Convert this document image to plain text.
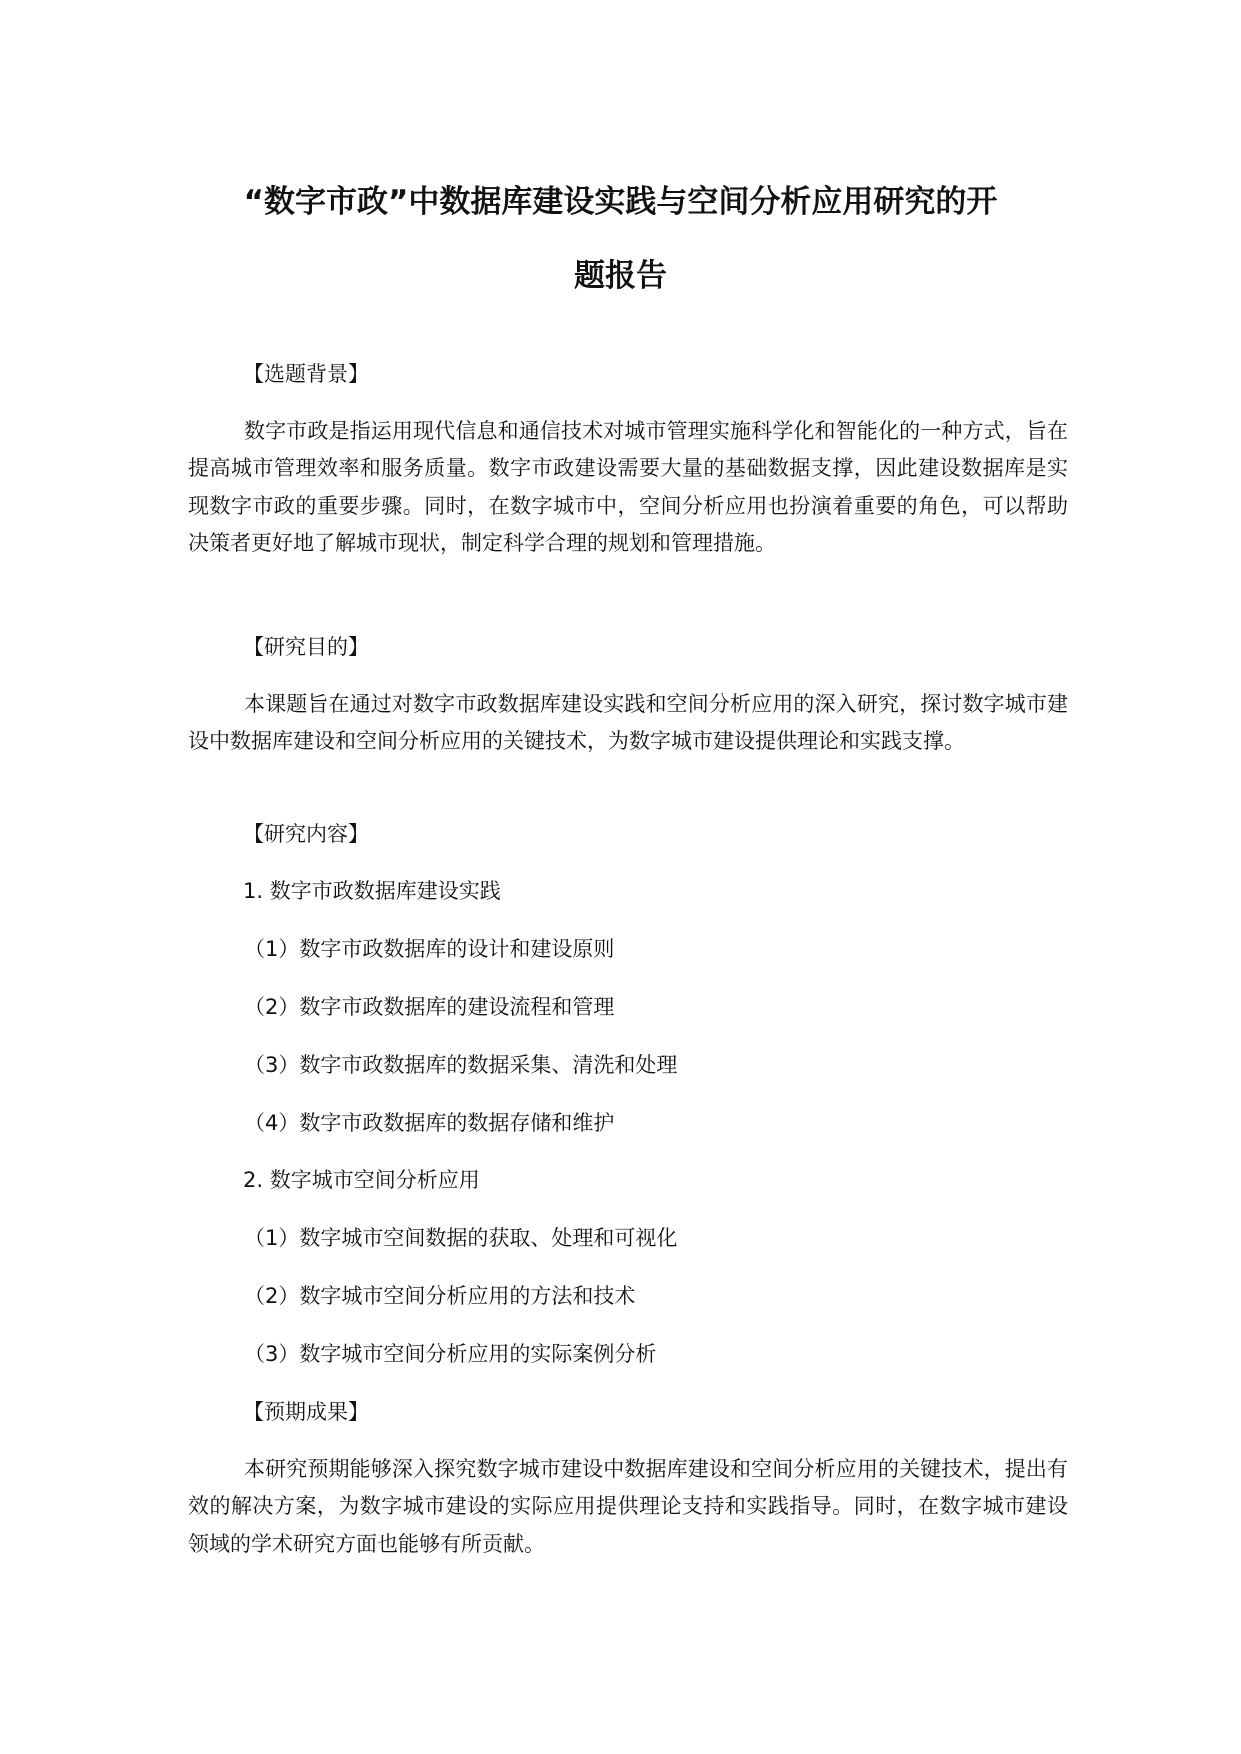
“数字市政”中数据库建设实践与空间分析应用研究的开
题报告
【选题背景】
数字市政是指运用现代信息和通信技术对城市管理实施科学化和智能化的一种方式，旨在提高城市管理效率和服务质量。数字市政建设需要大量的基础数据支撑，因此建设数据库是实现数字市政的重要步骤。同时，在数字城市中，空间分析应用也扮演着重要的角色，可以帮助决策者更好地了解城市现状，制定科学合理的规划和管理措施。
【研究目的】
本课题旨在通过对数字市政数据库建设实践和空间分析应用的深入研究，探讨数字城市建设中数据库建设和空间分析应用的关键技术，为数字城市建设提供理论和实践支撑。
【研究内容】
1. 数字市政数据库建设实践
（1）数字市政数据库的设计和建设原则
（2）数字市政数据库的建设流程和管理
（3）数字市政数据库的数据采集、清洗和处理
（4）数字市政数据库的数据存储和维护
2. 数字城市空间分析应用
（1）数字城市空间数据的获取、处理和可视化
（2）数字城市空间分析应用的方法和技术
（3）数字城市空间分析应用的实际案例分析
【预期成果】
本研究预期能够深入探究数字城市建设中数据库建设和空间分析应用的关键技术，提出有效的解决方案，为数字城市建设的实际应用提供理论支持和实践指导。同时，在数字城市建设领域的学术研究方面也能够有所贡献。
